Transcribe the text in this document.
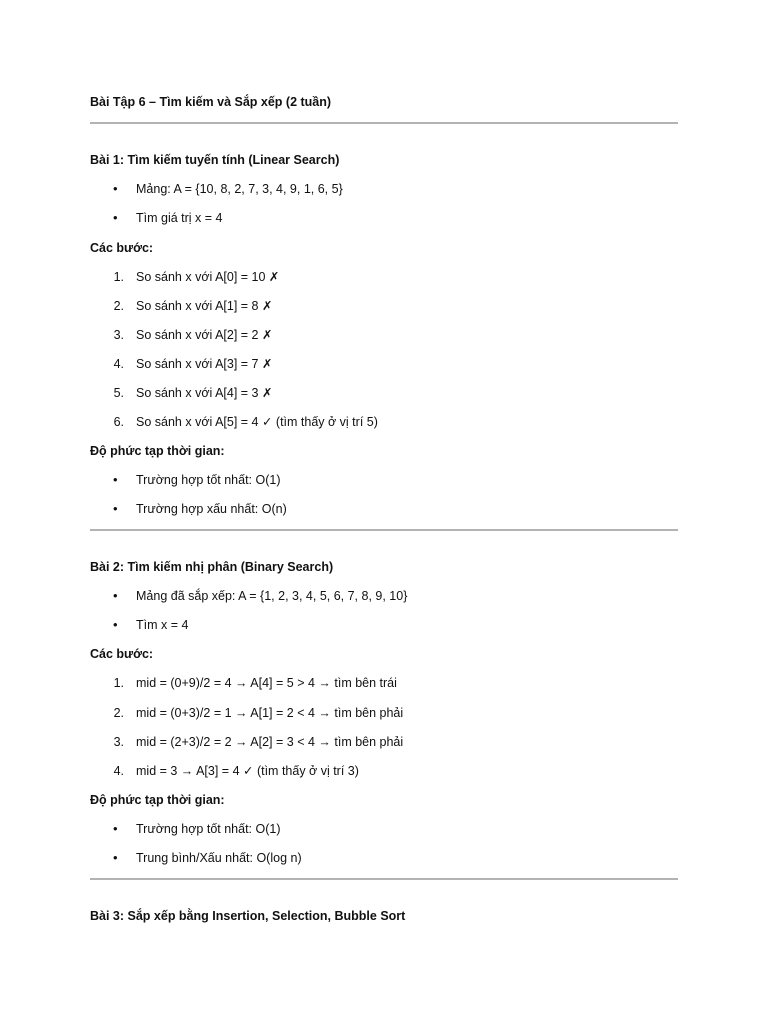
Bài Tập 6 – Tìm kiếm và Sắp xếp (2 tuần)
Bài 1: Tìm kiếm tuyến tính (Linear Search)
• Mảng: A = {10, 8, 2, 7, 3, 4, 9, 1, 6, 5}
• Tìm giá trị x = 4
Các bước:
1. So sánh x với A[0] = 10 ✗
2. So sánh x với A[1] = 8 ✗
3. So sánh x với A[2] = 2 ✗
4. So sánh x với A[3] = 7 ✗
5. So sánh x với A[4] = 3 ✗
6. So sánh x với A[5] = 4 ✓ (tìm thấy ở vị trí 5)
Độ phức tạp thời gian:
• Trường hợp tốt nhất: O(1)
• Trường hợp xấu nhất: O(n)
Bài 2: Tìm kiếm nhị phân (Binary Search)
• Mảng đã sắp xếp: A = {1, 2, 3, 4, 5, 6, 7, 8, 9, 10}
• Tìm x = 4
Các bước:
1. mid = (0+9)/2 = 4 → A[4] = 5 > 4 → tìm bên trái
2. mid = (0+3)/2 = 1 → A[1] = 2 < 4 → tìm bên phải
3. mid = (2+3)/2 = 2 → A[2] = 3 < 4 → tìm bên phải
4. mid = 3 → A[3] = 4 ✓ (tìm thấy ở vị trí 3)
Độ phức tạp thời gian:
• Trường hợp tốt nhất: O(1)
• Trung bình/Xấu nhất: O(log n)
Bài 3: Sắp xếp bằng Insertion, Selection, Bubble Sort
